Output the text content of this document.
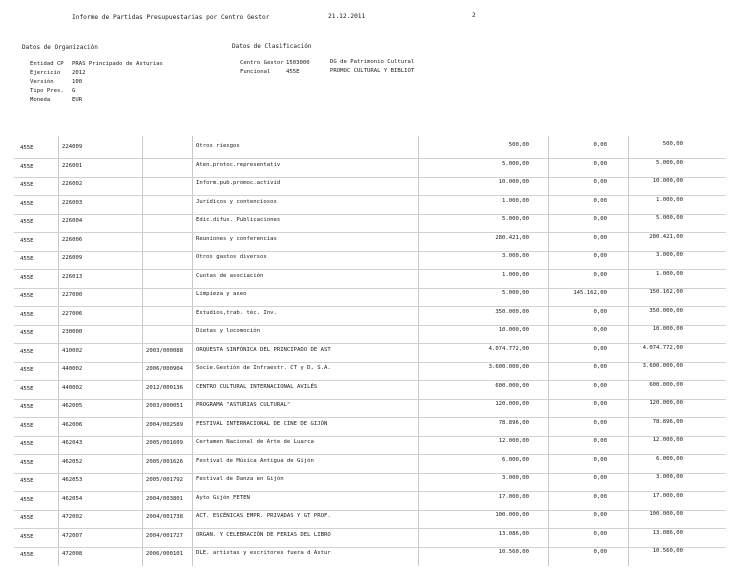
Informe de Partidas Presupuestarias por Centro Gestor	21.12.2011	2
Datos de Organización	Datos de Clasificación
Entidad CP PRAS Principado de Asturias
Ejercicio 2012
Versión	100
Tipo Pres. G
Moneda	EUR
Centro Gestor 1503000	DG de Patrimonio Cultural
Funcional	455E	PROMOC CULTURAL Y BIBLIOT
455E	224009	Otros riesgos	500,00	0,00	500,00
455E	226001	Aten.protoc.representativ	5.000,00	0,00	5.000,00
455E	226002	Inform.pub.promoc.activid	10.000,00	0,00	10.000,00
455E	226003	Jurídicos y contenciosos	1.000,00	0,00	1.000,00
455E	226004	Edic.difus. Publicaciones	5.000,00	0,00	5.000,00
455E	226006	Reuniones y conferencias	280.421,00	0,00	280.421,00
455E	226009	Otros gastos diversos	3.000,00	0,00	3.000,00
455E	226013	Cuotas de asociación	1.000,00	0,00	1.000,00
455E	227000	Limpieza y aseo	5.000,00	145.162,00	150.162,00
455E	227006	Estudios,trab. téc. Inv.	350.000,00	0,00	350.000,00
455E	230000	Dietas y locomoción	10.000,00	0,00	10.000,00
455E	410002	2003/000088 ORQUESTA SINFÓNICA DEL PRINCIPADO DE AST	4.074.772,00	0,00	4.074.772,00
455E	440002	2006/000904 Socie.Gestión de Infraestr. CT y D, S.A.	3.600.000,00	0,00	3.600.000,00
455E	440002	2012/000136 CENTRO CULTURAL INTERNACIONAL AVILÉS	600.000,00	0,00	600.000,00
455E	462005	2003/000051 PROGRAMA "ASTURIAS CULTURAL"	120.000,00	0,00	120.000,00
455E	462006	2004/002589 FESTIVAL INTERNACIONAL DE CINE DE GIJÓN	78.896,00	0,00	78.896,00
455E	462043	2005/001609 Certamen Nacional de Arte de Luarca	12.000,00	0,00	12.000,00
455E	462052	2005/001626 Festival de Música Antigua de Gijón	6.000,00	0,00	6.000,00
455E	462053	2005/001792 Festival de Danza en Gijón	3.000,00	0,00	3.000,00
455E	462054	2004/003801 Ayto Gijón FETEN	17.000,00	0,00	17.000,00
455E	472002	2004/001738 ACT. ESCÉNICAS EMPR. PRIVADAS Y GT PROF.	100.000,00	0,00	100.000,00
455E	472007	2004/001727 ORGAN. Y CELEBRACIÓN DE FERIAS DEL LIBRO	13.086,00	0,00	13.086,00
455E	472008	2006/000101 DLE. artistas y escritores fuera d Astur	10.560,00	0,00	10.560,00
